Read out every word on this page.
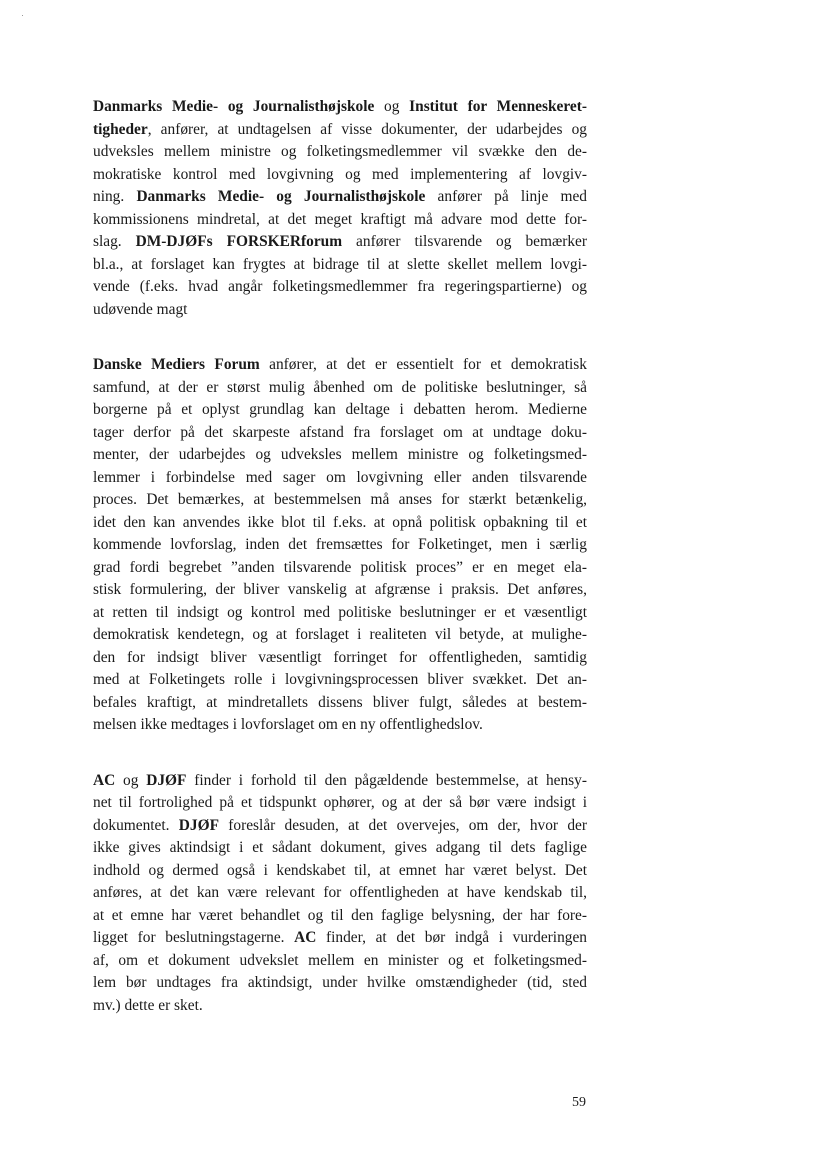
Danmarks Medie- og Journalisthøjskole og Institut for Menneskeret-
tigheder, anfører, at undtagelsen af visse dokumenter, der udarbejdes og
udveksles mellem ministre og folketingsmedlemmer vil svække den de-
mokratiske kontrol med lovgivning og med implementering af lovgiv-
ning. Danmarks Medie- og Journalisthøjskole anfører på linje med
kommissionens mindretal, at det meget kraftigt må advare mod dette for-
slag. DM-DJØFs FORSKERforum anfører tilsvarende og bemærker
bl.a., at forslaget kan frygtes at bidrage til at slette skellet mellem lovgi-
vende (f.eks. hvad angår folketingsmedlemmer fra regeringspartierne) og
udøvende magt

Danske Mediers Forum anfører, at det er essentielt for et demokratisk
samfund, at der er størst mulig åbenhed om de politiske beslutninger, så
borgerne på et oplyst grundlag kan deltage i debatten herom. Medierne
tager derfor på det skarpeste afstand fra forslaget om at undtage doku-
menter, der udarbejdes og udveksles mellem ministre og folketingsmed-
lemmer i forbindelse med sager om lovgivning eller anden tilsvarende
proces. Det bemærkes, at bestemmelsen må anses for stærkt betænkelig,
idet den kan anvendes ikke blot til f.eks. at opnå politisk opbakning til et
kommende lovforslag, inden det fremsættes for Folketinget, men i særlig
grad fordi begrebet ”anden tilsvarende politisk proces” er en meget ela-
stisk formulering, der bliver vanskelig at afgrænse i praksis. Det anføres,
at retten til indsigt og kontrol med politiske beslutninger er et væsentligt
demokratisk kendetegn, og at forslaget i realiteten vil betyde, at mulighe-
den for indsigt bliver væsentligt forringet for offentligheden, samtidig
med at Folketingets rolle i lovgivningsprocessen bliver svækket. Det an-
befales kraftigt, at mindretallets dissens bliver fulgt, således at bestem-
melsen ikke medtages i lovforslaget om en ny offentlighedslov.

AC og DJØF finder i forhold til den pågældende bestemmelse, at hensy-
net til fortrolighed på et tidspunkt ophører, og at der så bør være indsigt i
dokumentet. DJØF foreslår desuden, at det overvejes, om der, hvor der
ikke gives aktindsigt i et sådant dokument, gives adgang til dets faglige
indhold og dermed også i kendskabet til, at emnet har været belyst. Det
anføres, at det kan være relevant for offentligheden at have kendskab til,
at et emne har været behandlet og til den faglige belysning, der har fore-
ligget for beslutningstagerne. AC finder, at det bør indgå i vurderingen
af, om et dokument udvekslet mellem en minister og et folketingsmed-
lem bør undtages fra aktindsigt, under hvilke omstændigheder (tid, sted
mv.) dette er sket.

59
